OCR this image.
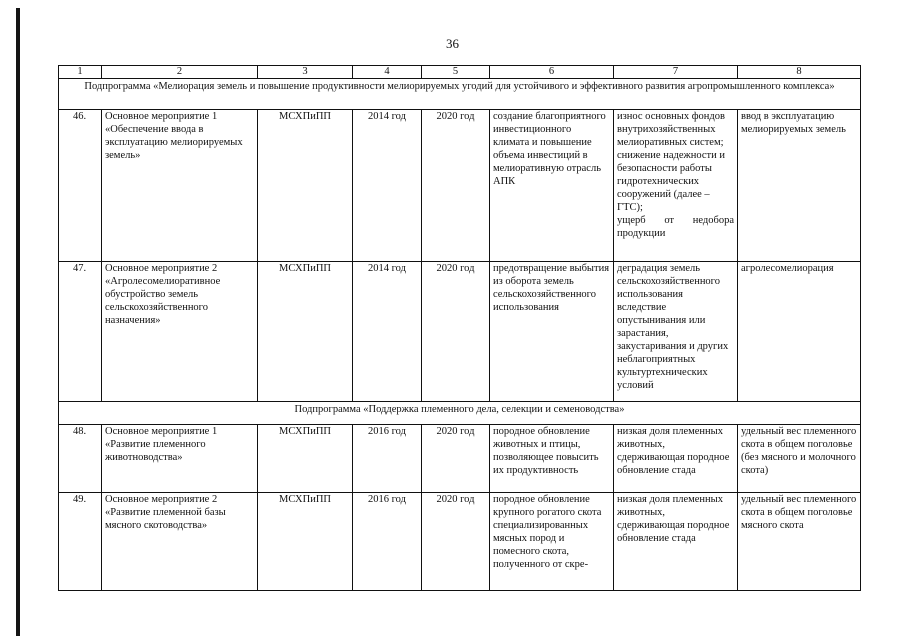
36
1	2	3	4	5	6	7	8
Подпрограмма «Мелиорация земель и повышение продуктивности мелиорируемых угодий для устойчивого и эффективного развития агропромышленного комплекса»							
46.	Основное мероприятие 1 «Обеспечение ввода в эксплуатацию мелиорируемых земель»	МСХПиПП	2014 год	2020 год	создание благоприятного инвестиционного климата и повышение объема инвестиций в мелиоративную отрасль АПК	износ основных фондов внутрихозяйственных мелиоративных систем;
снижение надежности и безопасности работы гидротехнических сооружений (далее – ГТС);
ущерб от недобора продукции	ввод в эксплуатацию мелиорируемых земель
47.	Основное мероприятие 2 «Агролесомелиоративное обустройство земель сельскохозяйственного назначения»	МСХПиПП	2014 год	2020 год	предотвращение выбытия из оборота земель сельскохозяйственного использования	деградация земель сельскохозяйственного использования вследствие опустынивания или зарастания, закустаривания и других неблагоприятных культуртехнических условий	агролесомелиорация
Подпрограмма «Поддержка племенного дела, селекции и семеноводства»							
48.	Основное мероприятие 1 «Развитие племенного животноводства»	МСХПиПП	2016 год	2020 год	породное обновление животных и птицы, позволяющее повысить их продуктивность	низкая доля племенных животных, сдерживающая породное обновление стада	удельный вес племенного скота в общем поголовье (без мясного и молочного скота)
49.	Основное мероприятие 2 «Развитие племенной базы мясного скотоводства»	МСХПиПП	2016 год	2020 год	породное обновление крупного рогатого скота специализированных мясных пород и помесного скота, полученного от скре-	низкая доля племенных животных, сдерживающая породное обновление стада	удельный вес племенного скота в общем поголовье мясного скота
